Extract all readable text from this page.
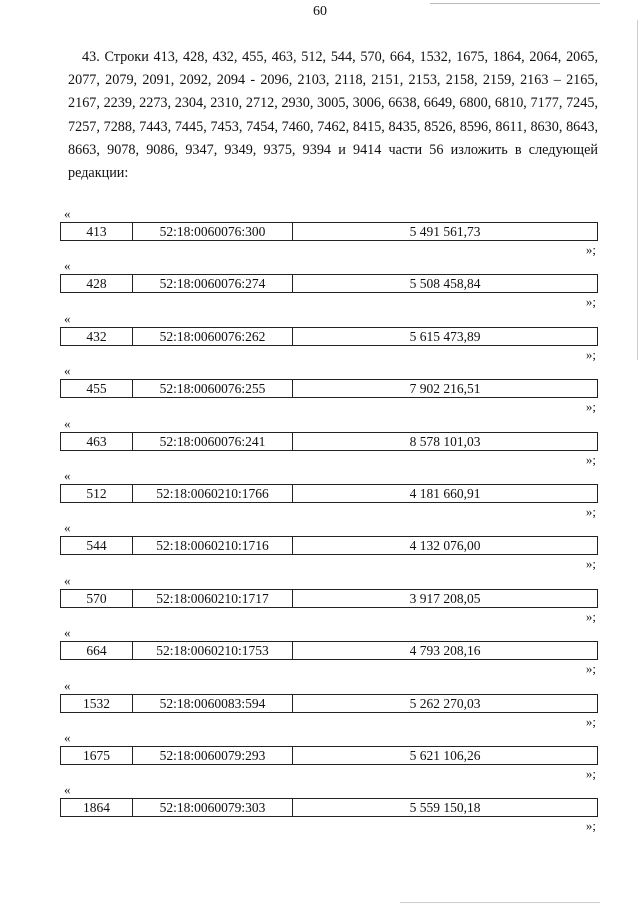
60

43. Строки 413, 428, 432, 455, 463, 512, 544, 570, 664, 1532, 1675, 1864, 2064, 2065, 2077, 2079, 2091, 2092, 2094 - 2096, 2103, 2118, 2151, 2153, 2158, 2159, 2163 – 2165, 2167, 2239, 2273, 2304, 2310, 2712, 2930, 3005, 3006, 6638, 6649, 6800, 6810, 7177, 7245, 7257, 7288, 7443, 7445, 7453, 7454, 7460, 7462, 8415, 8435, 8526, 8596, 8611, 8630, 8643, 8663, 9078, 9086, 9347, 9349, 9375, 9394 и 9414 части 56 изложить в следующей редакции:

«
413	52:18:0060076:300	5 491 561,73
»;
«
428	52:18:0060076:274	5 508 458,84
»;
«
432	52:18:0060076:262	5 615 473,89
»;
«
455	52:18:0060076:255	7 902 216,51
»;
«
463	52:18:0060076:241	8 578 101,03
»;
«
512	52:18:0060210:1766	4 181 660,91
»;
«
544	52:18:0060210:1716	4 132 076,00
»;
«
570	52:18:0060210:1717	3 917 208,05
»;
«
664	52:18:0060210:1753	4 793 208,16
»;
«
1532	52:18:0060083:594	5 262 270,03
»;
«
1675	52:18:0060079:293	5 621 106,26
»;
«
1864	52:18:0060079:303	5 559 150,18
»;
